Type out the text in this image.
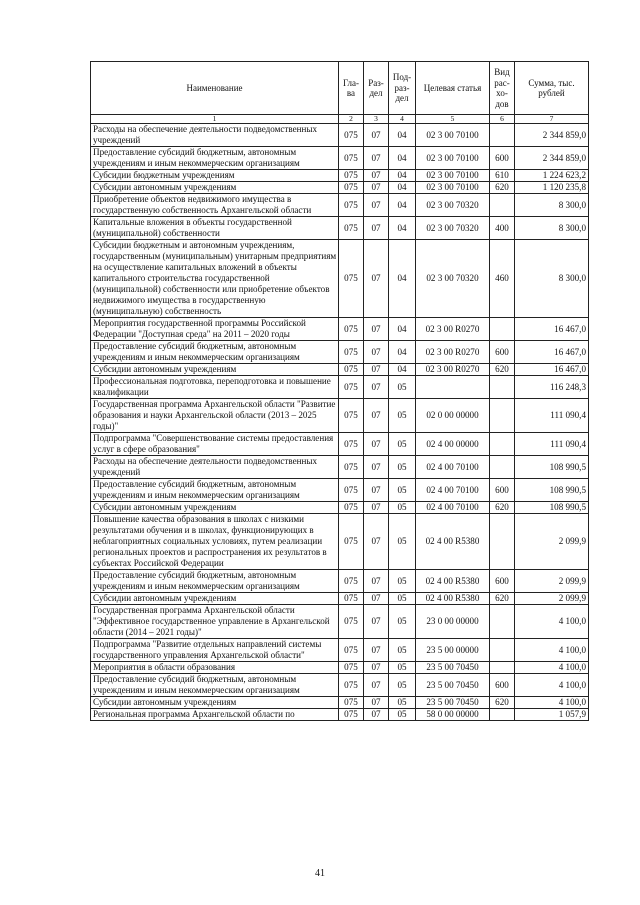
Наименование	Гла-ва	Раз-дел	Под-раз-дел	Целевая статья	Вид рас-хо-дов	Сумма, тыс. рублей
1	2	3	4	5	6	7
Расходы на обеспечение деятельности подведомственных учреждений	075	07	04	02 3 00 70100		2 344 859,0
Предоставление субсидий бюджетным, автономным учреждениям и иным некоммерческим организациям	075	07	04	02 3 00 70100	600	2 344 859,0
Субсидии бюджетным учреждениям	075	07	04	02 3 00 70100	610	1 224 623,2
Субсидии автономным учреждениям	075	07	04	02 3 00 70100	620	1 120 235,8
Приобретение объектов недвижимого имущества в государственную собственность Архангельской области	075	07	04	02 3 00 70320		8 300,0
Капитальные вложения в объекты государственной (муниципальной) собственности	075	07	04	02 3 00 70320	400	8 300,0
Субсидии бюджетным и автономным учреждениям, государственным (муниципальным) унитарным предприятиям на осуществление капитальных вложений в объекты капитального строительства государственной (муниципальной) собственности или приобретение объектов недвижимого имущества в государственную (муниципальную) собственность	075	07	04	02 3 00 70320	460	8 300,0
Мероприятия государственной программы Российской Федерации "Доступная среда" на 2011 – 2020 годы	075	07	04	02 3 00 R0270		16 467,0
Предоставление субсидий бюджетным, автономным учреждениям и иным некоммерческим организациям	075	07	04	02 3 00 R0270	600	16 467,0
Субсидии автономным учреждениям	075	07	04	02 3 00 R0270	620	16 467,0
Профессиональная подготовка, переподготовка и повышение квалификации	075	07	05			116 248,3
Государственная программа Архангельской области "Развитие образования и науки Архангельской области (2013 – 2025 годы)"	075	07	05	02 0 00 00000		111 090,4
Подпрограмма "Совершенствование системы предоставления услуг в сфере образования"	075	07	05	02 4 00 00000		111 090,4
Расходы на обеспечение деятельности подведомственных учреждений	075	07	05	02 4 00 70100		108 990,5
Предоставление субсидий бюджетным, автономным учреждениям и иным некоммерческим организациям	075	07	05	02 4 00 70100	600	108 990,5
Субсидии автономным учреждениям	075	07	05	02 4 00 70100	620	108 990,5
Повышение качества образования в школах с низкими результатами обучения и в школах, функционирующих в неблагоприятных социальных условиях, путем реализации региональных проектов и распространения их результатов в субъектах Российской Федерации	075	07	05	02 4 00 R5380		2 099,9
Предоставление субсидий бюджетным, автономным учреждениям и иным некоммерческим организациям	075	07	05	02 4 00 R5380	600	2 099,9
Субсидии автономным учреждениям	075	07	05	02 4 00 R5380	620	2 099,9
Государственная программа Архангельской области "Эффективное государственное управление в Архангельской области (2014 – 2021 годы)"	075	07	05	23 0 00 00000		4 100,0
Подпрограмма "Развитие отдельных направлений системы государственного управления Архангельской области"	075	07	05	23 5 00 00000		4 100,0
Мероприятия в области образования	075	07	05	23 5 00 70450		4 100,0
Предоставление субсидий бюджетным, автономным учреждениям и иным некоммерческим организациям	075	07	05	23 5 00 70450	600	4 100,0
Субсидии автономным учреждениям	075	07	05	23 5 00 70450	620	4 100,0
Региональная программа Архангельской области по	075	07	05	58 0 00 00000		1 057,9
41
